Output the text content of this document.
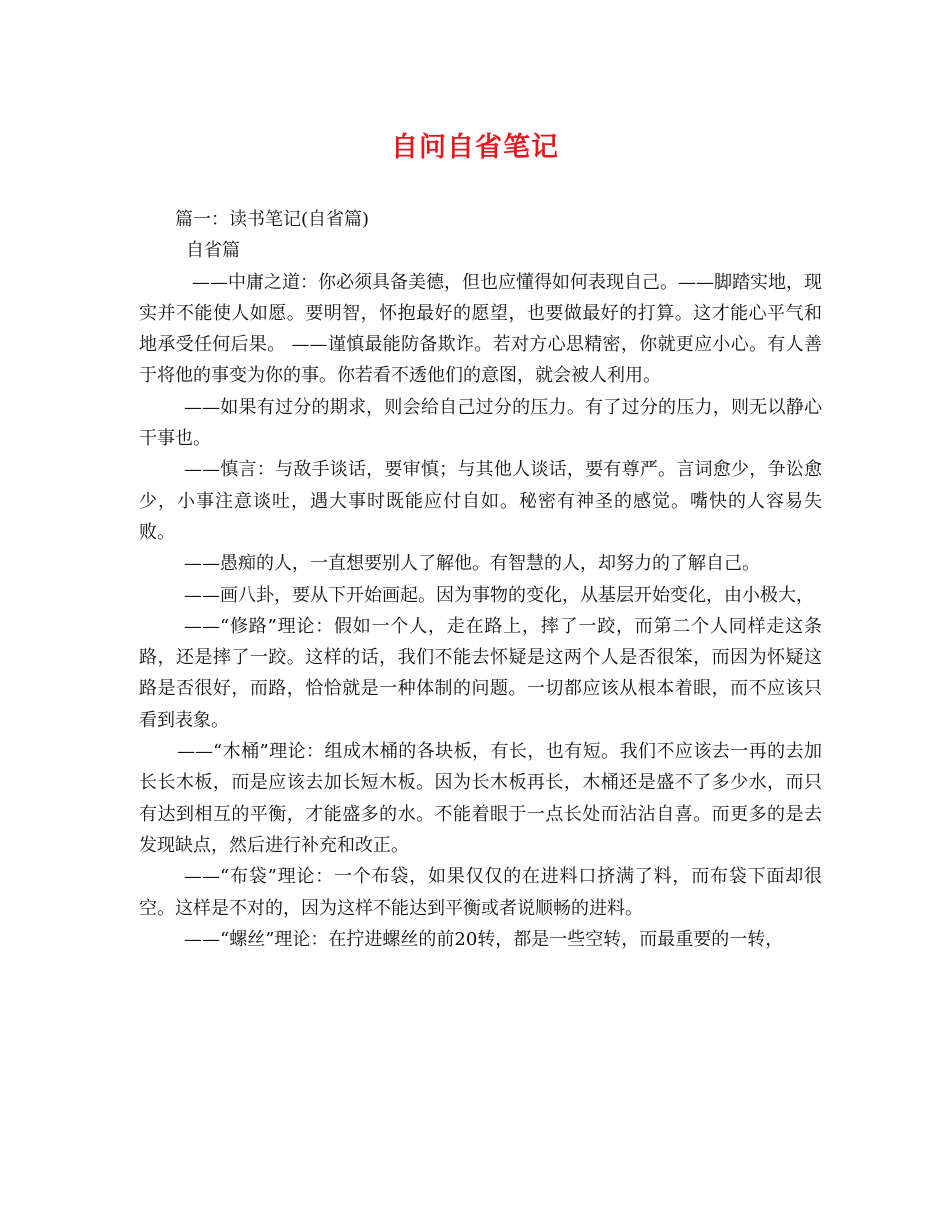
自问自省笔记

篇一：读书笔记(自省篇)

自省篇

——中庸之道：你必须具备美德，但也应懂得如何表现自己。——脚踏实地，现实并不能使人如愿。要明智，怀抱最好的愿望，也要做最好的打算。这才能心平气和地承受任何后果。 ——谨慎最能防备欺诈。若对方心思精密，你就更应小心。有人善于将他的事变为你的事。你若看不透他们的意图，就会被人利用。

——如果有过分的期求，则会给自己过分的压力。有了过分的压力，则无以静心干事也。

——慎言：与敌手谈话，要审慎；与其他人谈话，要有尊严。言词愈少，争讼愈少，小事注意谈吐，遇大事时既能应付自如。秘密有神圣的感觉。嘴快的人容易失败。

——愚痴的人，一直想要别人了解他。有智慧的人，却努力的了解自己。

——画八卦，要从下开始画起。因为事物的变化，从基层开始变化，由小极大，

——“修路”理论：假如一个人，走在路上，摔了一跤，而第二个人同样走这条路，还是摔了一跤。这样的话，我们不能去怀疑是这两个人是否很笨，而因为怀疑这路是否很好，而路，恰恰就是一种体制的问题。一切都应该从根本着眼，而不应该只看到表象。

——“木桶”理论：组成木桶的各块板，有长，也有短。我们不应该去一再的去加长长木板，而是应该去加长短木板。因为长木板再长，木桶还是盛不了多少水，而只有达到相互的平衡，才能盛多的水。不能着眼于一点长处而沾沾自喜。而更多的是去发现缺点，然后进行补充和改正。

——“布袋”理论：一个布袋，如果仅仅的在进料口挤满了料，而布袋下面却很空。这样是不对的，因为这样不能达到平衡或者说顺畅的进料。

——“螺丝”理论：在拧进螺丝的前20转，都是一些空转，而最重要的一转，
